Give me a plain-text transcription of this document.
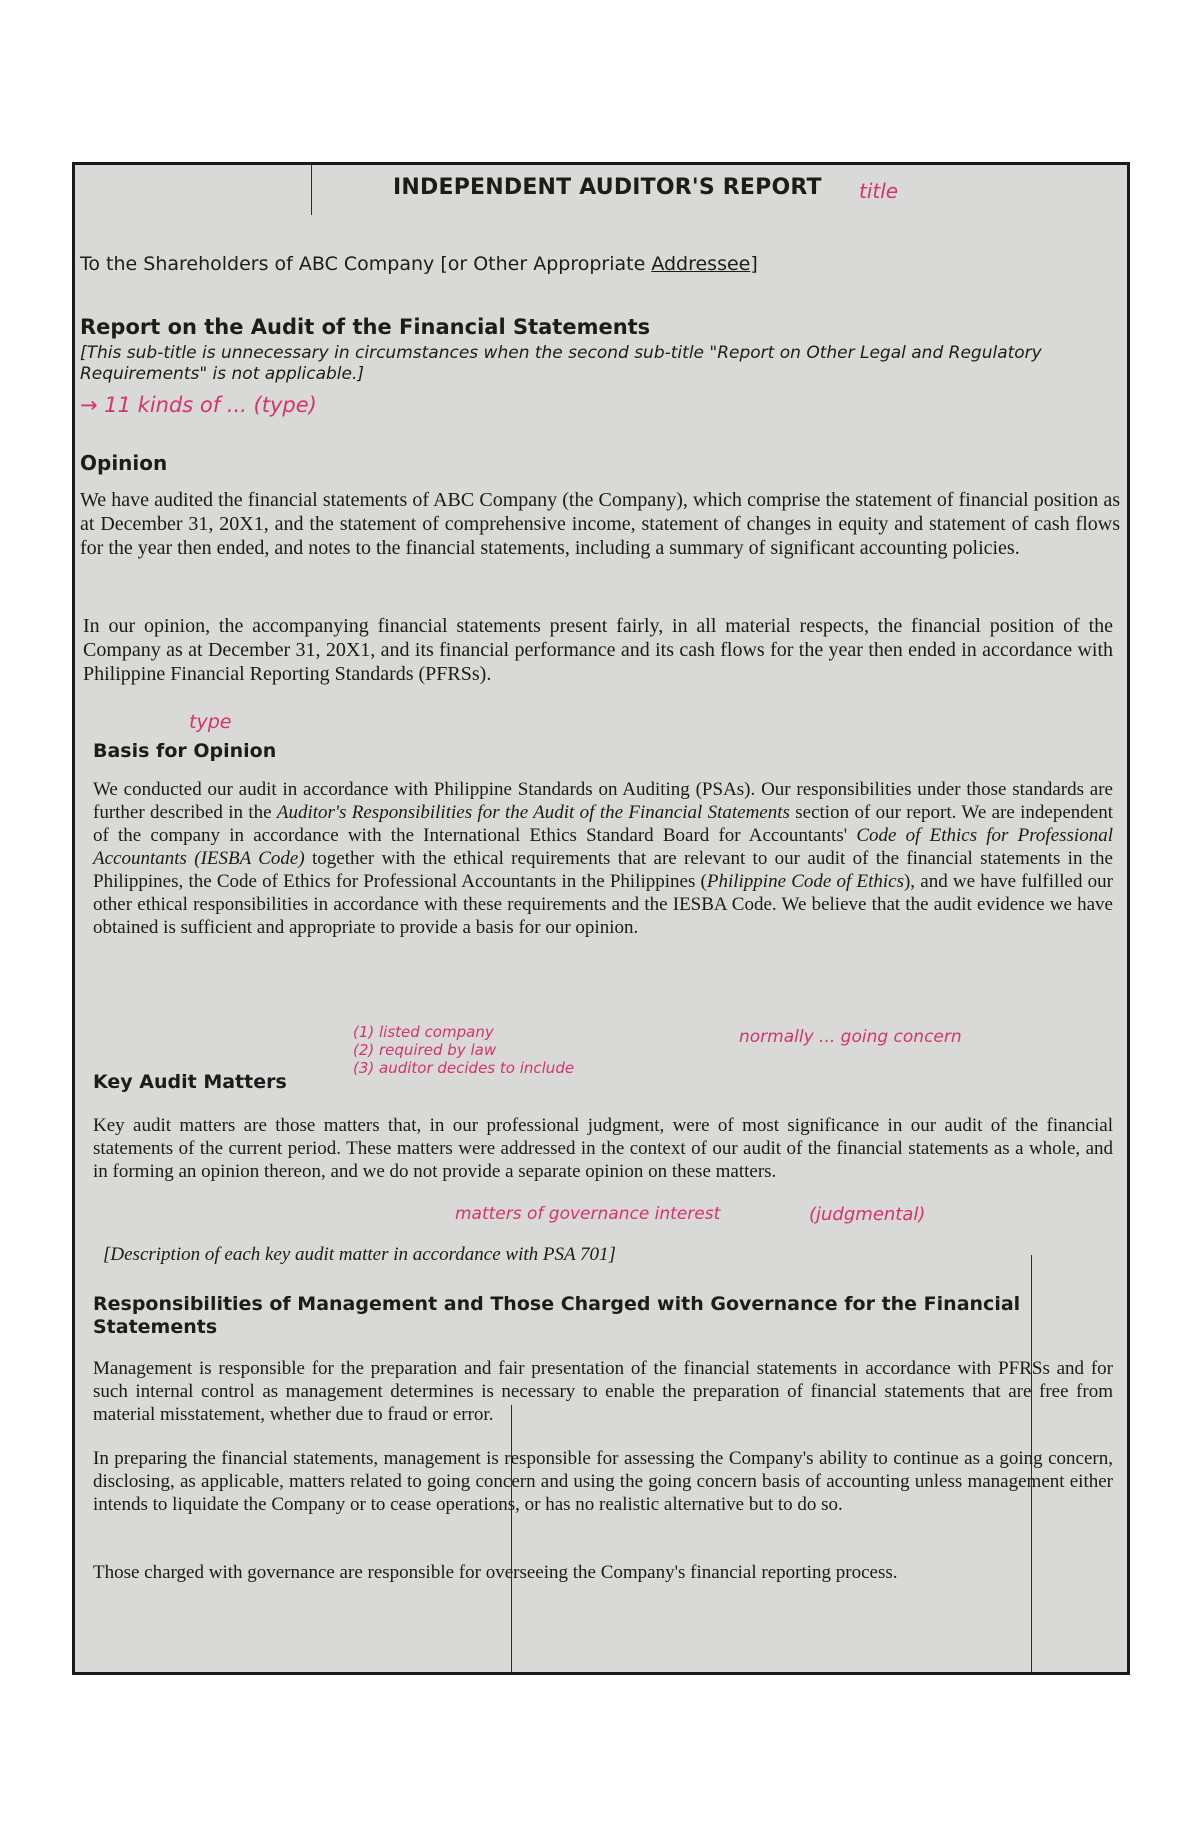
INDEPENDENT AUDITOR'S REPORT title
To the Shareholders of ABC Company [or Other Appropriate Addressee]
Report on the Audit of the Financial Statements
[This sub-title is unnecessary in circumstances when the second sub-title "Report on Other Legal and Regulatory Requirements" is not applicable.]
→ 11 kinds of ... (type)
Opinion
We have audited the financial statements of ABC Company (the Company), which comprise the statement of financial position as at December 31, 20X1, and the statement of comprehensive income, statement of changes in equity and statement of cash flows for the year then ended, and notes to the financial statements, including a summary of significant accounting policies.
In our opinion, the accompanying financial statements present fairly, in all material respects, the financial position of the Company as at December 31, 20X1, and its financial performance and its cash flows for the year then ended in accordance with Philippine Financial Reporting Standards (PFRSs).
type
Basis for Opinion
We conducted our audit in accordance with Philippine Standards on Auditing (PSAs). Our responsibilities under those standards are further described in the Auditor's Responsibilities for the Audit of the Financial Statements section of our report. We are independent of the company in accordance with the International Ethics Standard Board for Accountants' Code of Ethics for Professional Accountants (IESBA Code) together with the ethical requirements that are relevant to our audit of the financial statements in the Philippines, the Code of Ethics for Professional Accountants in the Philippines (Philippine Code of Ethics), and we have fulfilled our other ethical responsibilities in accordance with these requirements and the IESBA Code. We believe that the audit evidence we have obtained is sufficient and appropriate to provide a basis for our opinion.
(1) listed company
(2) required by law
(3) auditor decides to include
normally ... going concern
Key Audit Matters
Key audit matters are those matters that, in our professional judgment, were of most significance in our audit of the financial statements of the current period. These matters were addressed in the context of our audit of the financial statements as a whole, and in forming an opinion thereon, and we do not provide a separate opinion on these matters.
matters of governance interest	(judgmental)
[Description of each key audit matter in accordance with PSA 701]
Responsibilities of Management and Those Charged with Governance for the Financial Statements
Management is responsible for the preparation and fair presentation of the financial statements in accordance with PFRSs and for such internal control as management determines is necessary to enable the preparation of financial statements that are free from material misstatement, whether due to fraud or error.
In preparing the financial statements, management is responsible for assessing the Company's ability to continue as a going concern, disclosing, as applicable, matters related to going concern and using the going concern basis of accounting unless management either intends to liquidate the Company or to cease operations, or has no realistic alternative but to do so.
Those charged with governance are responsible for overseeing the Company's financial reporting process.
